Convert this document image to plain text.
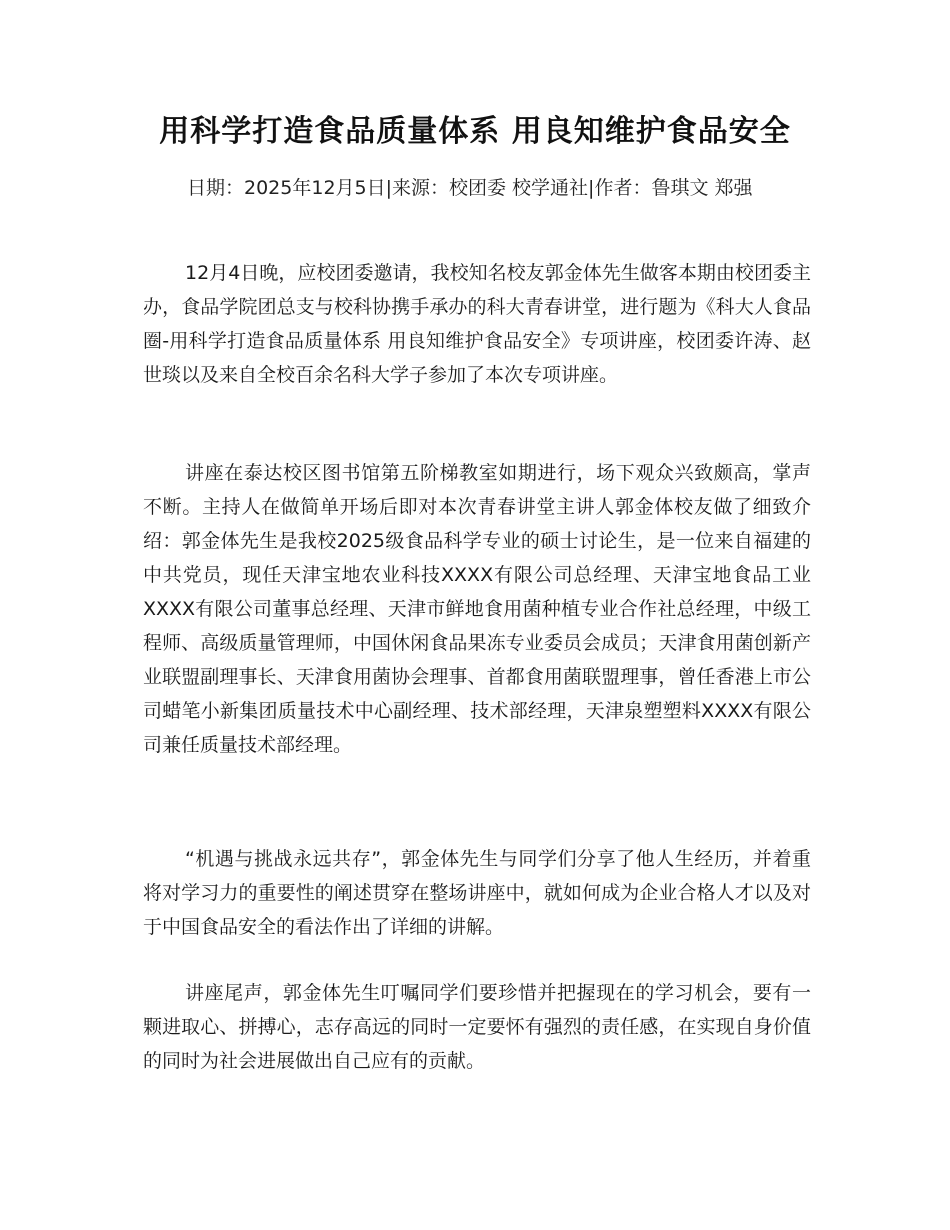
用科学打造食品质量体系 用良知维护食品安全
日期：2025年12月5日|来源：校团委 校学通社|作者：鲁琪文 郑强
12月4日晚，应校团委邀请，我校知名校友郭金体先生做客本期由校团委主办，食品学院团总支与校科协携手承办的科大青春讲堂，进行题为《科大人食品圈-用科学打造食品质量体系 用良知维护食品安全》专项讲座，校团委许涛、赵世琰以及来自全校百余名科大学子参加了本次专项讲座。
讲座在泰达校区图书馆第五阶梯教室如期进行，场下观众兴致颇高，掌声不断。主持人在做简单开场后即对本次青春讲堂主讲人郭金体校友做了细致介绍：郭金体先生是我校2025级食品科学专业的硕士讨论生，是一位来自福建的中共党员，现任天津宝地农业科技XXXX有限公司总经理、天津宝地食品工业XXXX有限公司董事总经理、天津市鲜地食用菌种植专业合作社总经理，中级工程师、高级质量管理师，中国休闲食品果冻专业委员会成员；天津食用菌创新产业联盟副理事长、天津食用菌协会理事、首都食用菌联盟理事，曾任香港上市公司蜡笔小新集团质量技术中心副经理、技术部经理，天津泉塑塑料XXXX有限公司兼任质量技术部经理。
“机遇与挑战永远共存”，郭金体先生与同学们分享了他人生经历，并着重将对学习力的重要性的阐述贯穿在整场讲座中，就如何成为企业合格人才以及对于中国食品安全的看法作出了详细的讲解。
讲座尾声，郭金体先生叮嘱同学们要珍惜并把握现在的学习机会，要有一颗进取心、拼搏心，志存高远的同时一定要怀有强烈的责任感，在实现自身价值的同时为社会进展做出自己应有的贡献。
